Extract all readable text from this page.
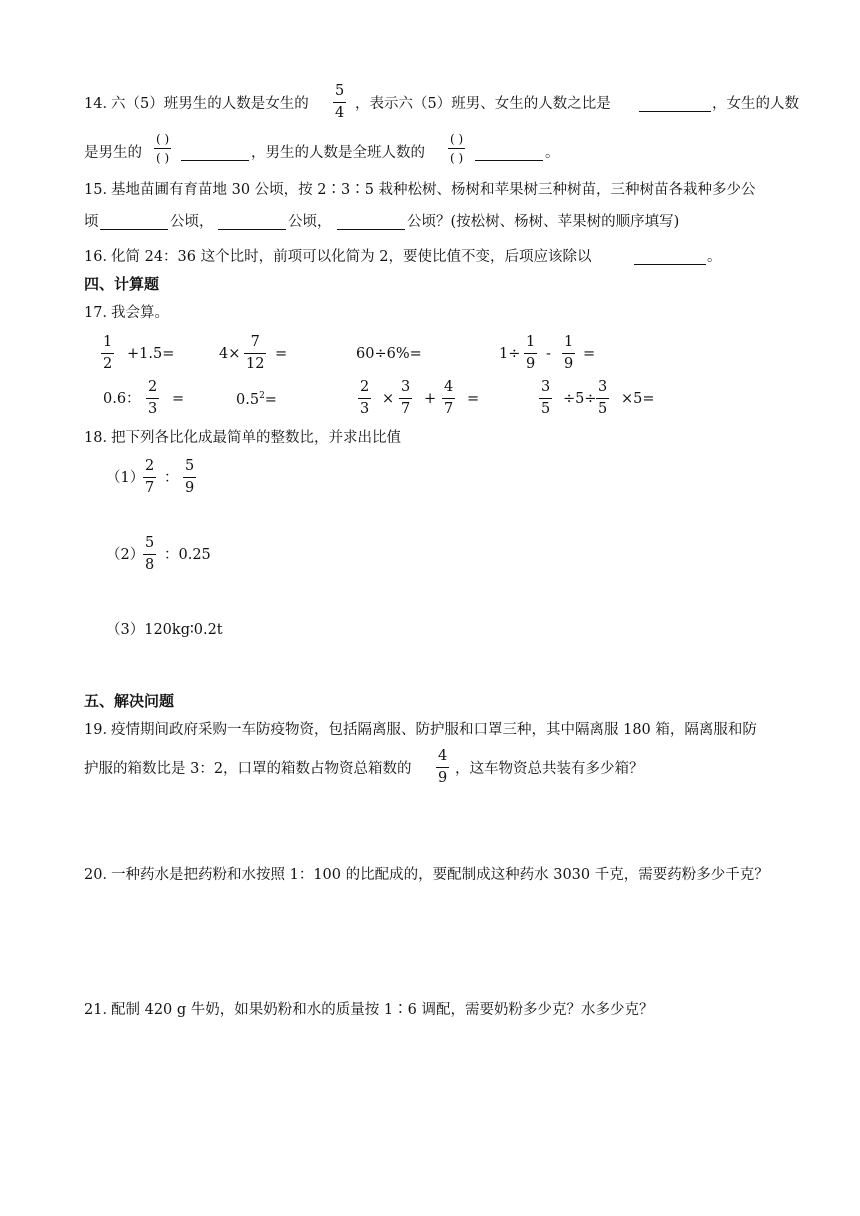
14．
六（5）班男生的人数是女生的
5
4
，表示六（5）班男、女生的人数之比是	，女生的人数
是男生的
( )
( )	，男生的人数是全班人数的
( )
( )	。
15．
基地苗圃有育苗地 30 公顷，按 2∶3∶5 栽种松树、杨树和苹果树三种树苗，三种树苗各栽种多少公
顷	公顷，	公顷，	公顷？(按松树、杨树、苹果树的顺序填写)
16．
化简 24：36 这个比时，前项可以化简为 2，要使比值不变，后项应该除以	。
四、计算题
17．
我会算。
1
2
+1.5=	4×
7
12
=	60÷6%=	1÷
1
9
-
1
9
=
0.6：
2
3
=	$0.5^2=$
2
3
×
3
7
+
4
7
=
3
5
÷5÷
3
5
×5=
18．
把下列各比化成最简单的整数比，并求出比值
（1）
2
7
：
5
9
（2）
5
8
：0.25
（3）120kg∶0.2t
五、解决问题
19．
疫情期间政府采购一车防疫物资，包括隔离服、防护服和口罩三种，其中隔离服 180 箱，隔离服和防
护服的箱数比是 3：2，口罩的箱数占物资总箱数的
4
9
，这车物资总共装有多少箱？
20．
一种药水是把药粉和水按照 1：100 的比配成的，要配制成这种药水 3030 千克，需要药粉多少千克？
21．
配制 420 g 牛奶，如果奶粉和水的质量按 1∶6 调配，需要奶粉多少克？水多少克？
